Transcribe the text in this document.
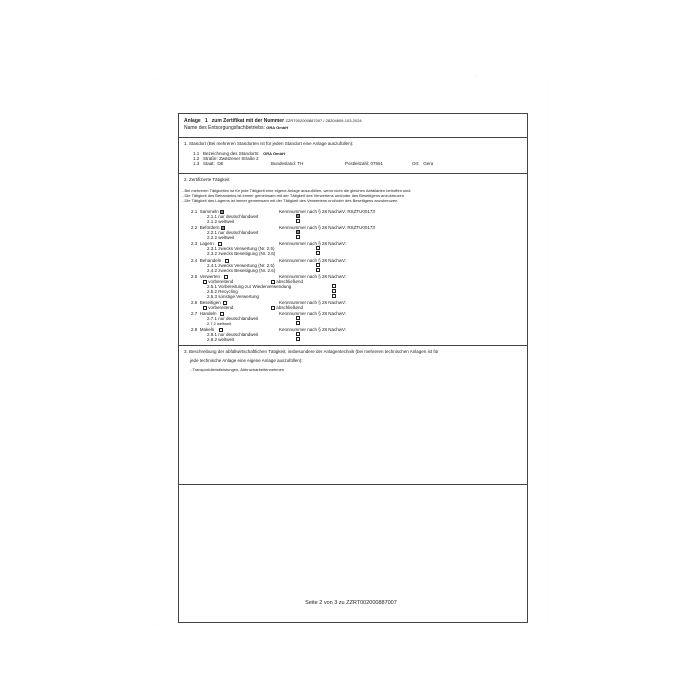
·
Anlage 1 zum Zertifikat mit der Nummer ZZRT002000887007 / 28204609-103-2024
Name des Entsorgungsfachbetriebs: GRA GmbH
1. Standort (Bei mehreren Standorten ist für jeden Standort eine Anlage auszufüllen):
1.1 Bezeichnung des Standorts: GRA GmbH
1.2 Straße: Zwätzener Straße 2
1.3 Staat: DE	Bundesland: TH	Postleitzahl: 07551	Ort: Gera
2. Zertifizierte Tätigkeit
- Bei mehreren Tätigkeiten ist für jede Tätigkeit eine eigene Anlage auszufüllen, wenn nicht die gleichen Abfallarten betroffen sind.
- Die Tätigkeit des Behandelns ist immer gemeinsam mit der Tätigkeit des Verwertens und/oder des Beseitigens anzukreuzen.
- Die Tätigkeit des Lagerns ist immer gemeinsam mit der Tätigkeit des Verwertens und/oder des Beseitigens anzukreuzen.
2.1 Sammeln	Kennnummer nach § 28 NachwV: RSZTU00173
2.1.1 nur deutschlandweit
2.1.2 weltweit
2.2 Befördern	Kennnummer nach § 28 NachwV: RSZTU00173
2.2.1 nur deutschlandweit
2.2.2 weltweit
2.3 Lagern	Kennnummer nach § 28 NachwV:
2.3.1 zwecks Verwertung (Nr. 2.5)
2.3.2 zwecks Beseitigung (Nr. 2.6)
2.4 Behandeln	Kennnummer nach § 28 NachwV:
2.4.1 zwecks Verwertung (Nr. 2.5)
2.4.2 zwecks Beseitigung (Nr. 2.6)
2.5 Verwerten	Kennnummer nach § 28 NachwV:
vorbereitend	abschließend
2.5.1 Vorbereitung zur Wiederverwendung
2.5.2 Recycling
2.5.3 sonstige Verwertung
2.6 Beseitigen	Kennnummer nach § 28 NachwV:
vorbereitend	abschließend
2.7 Handeln	Kennnummer nach § 28 NachwV:
2.7.1 nur deutschlandweit
2.7.2 weltweit
2.8 Makeln	Kennnummer nach § 28 NachwV:
2.8.1 nur deutschlandweit
2.8.2 weltweit
3. Beschreibung der abfallwirtschaftlichen Tätigkeit, insbesondere der Anlagentechnik (bei mehreren technischen Anlagen ist für
jede technische Anlage eine eigene Anlage auszufüllen):
- Transportdienstleistungen, Abbrucharbeitennehmen
Seite 2 von 3 zu ZZRT002000887007
